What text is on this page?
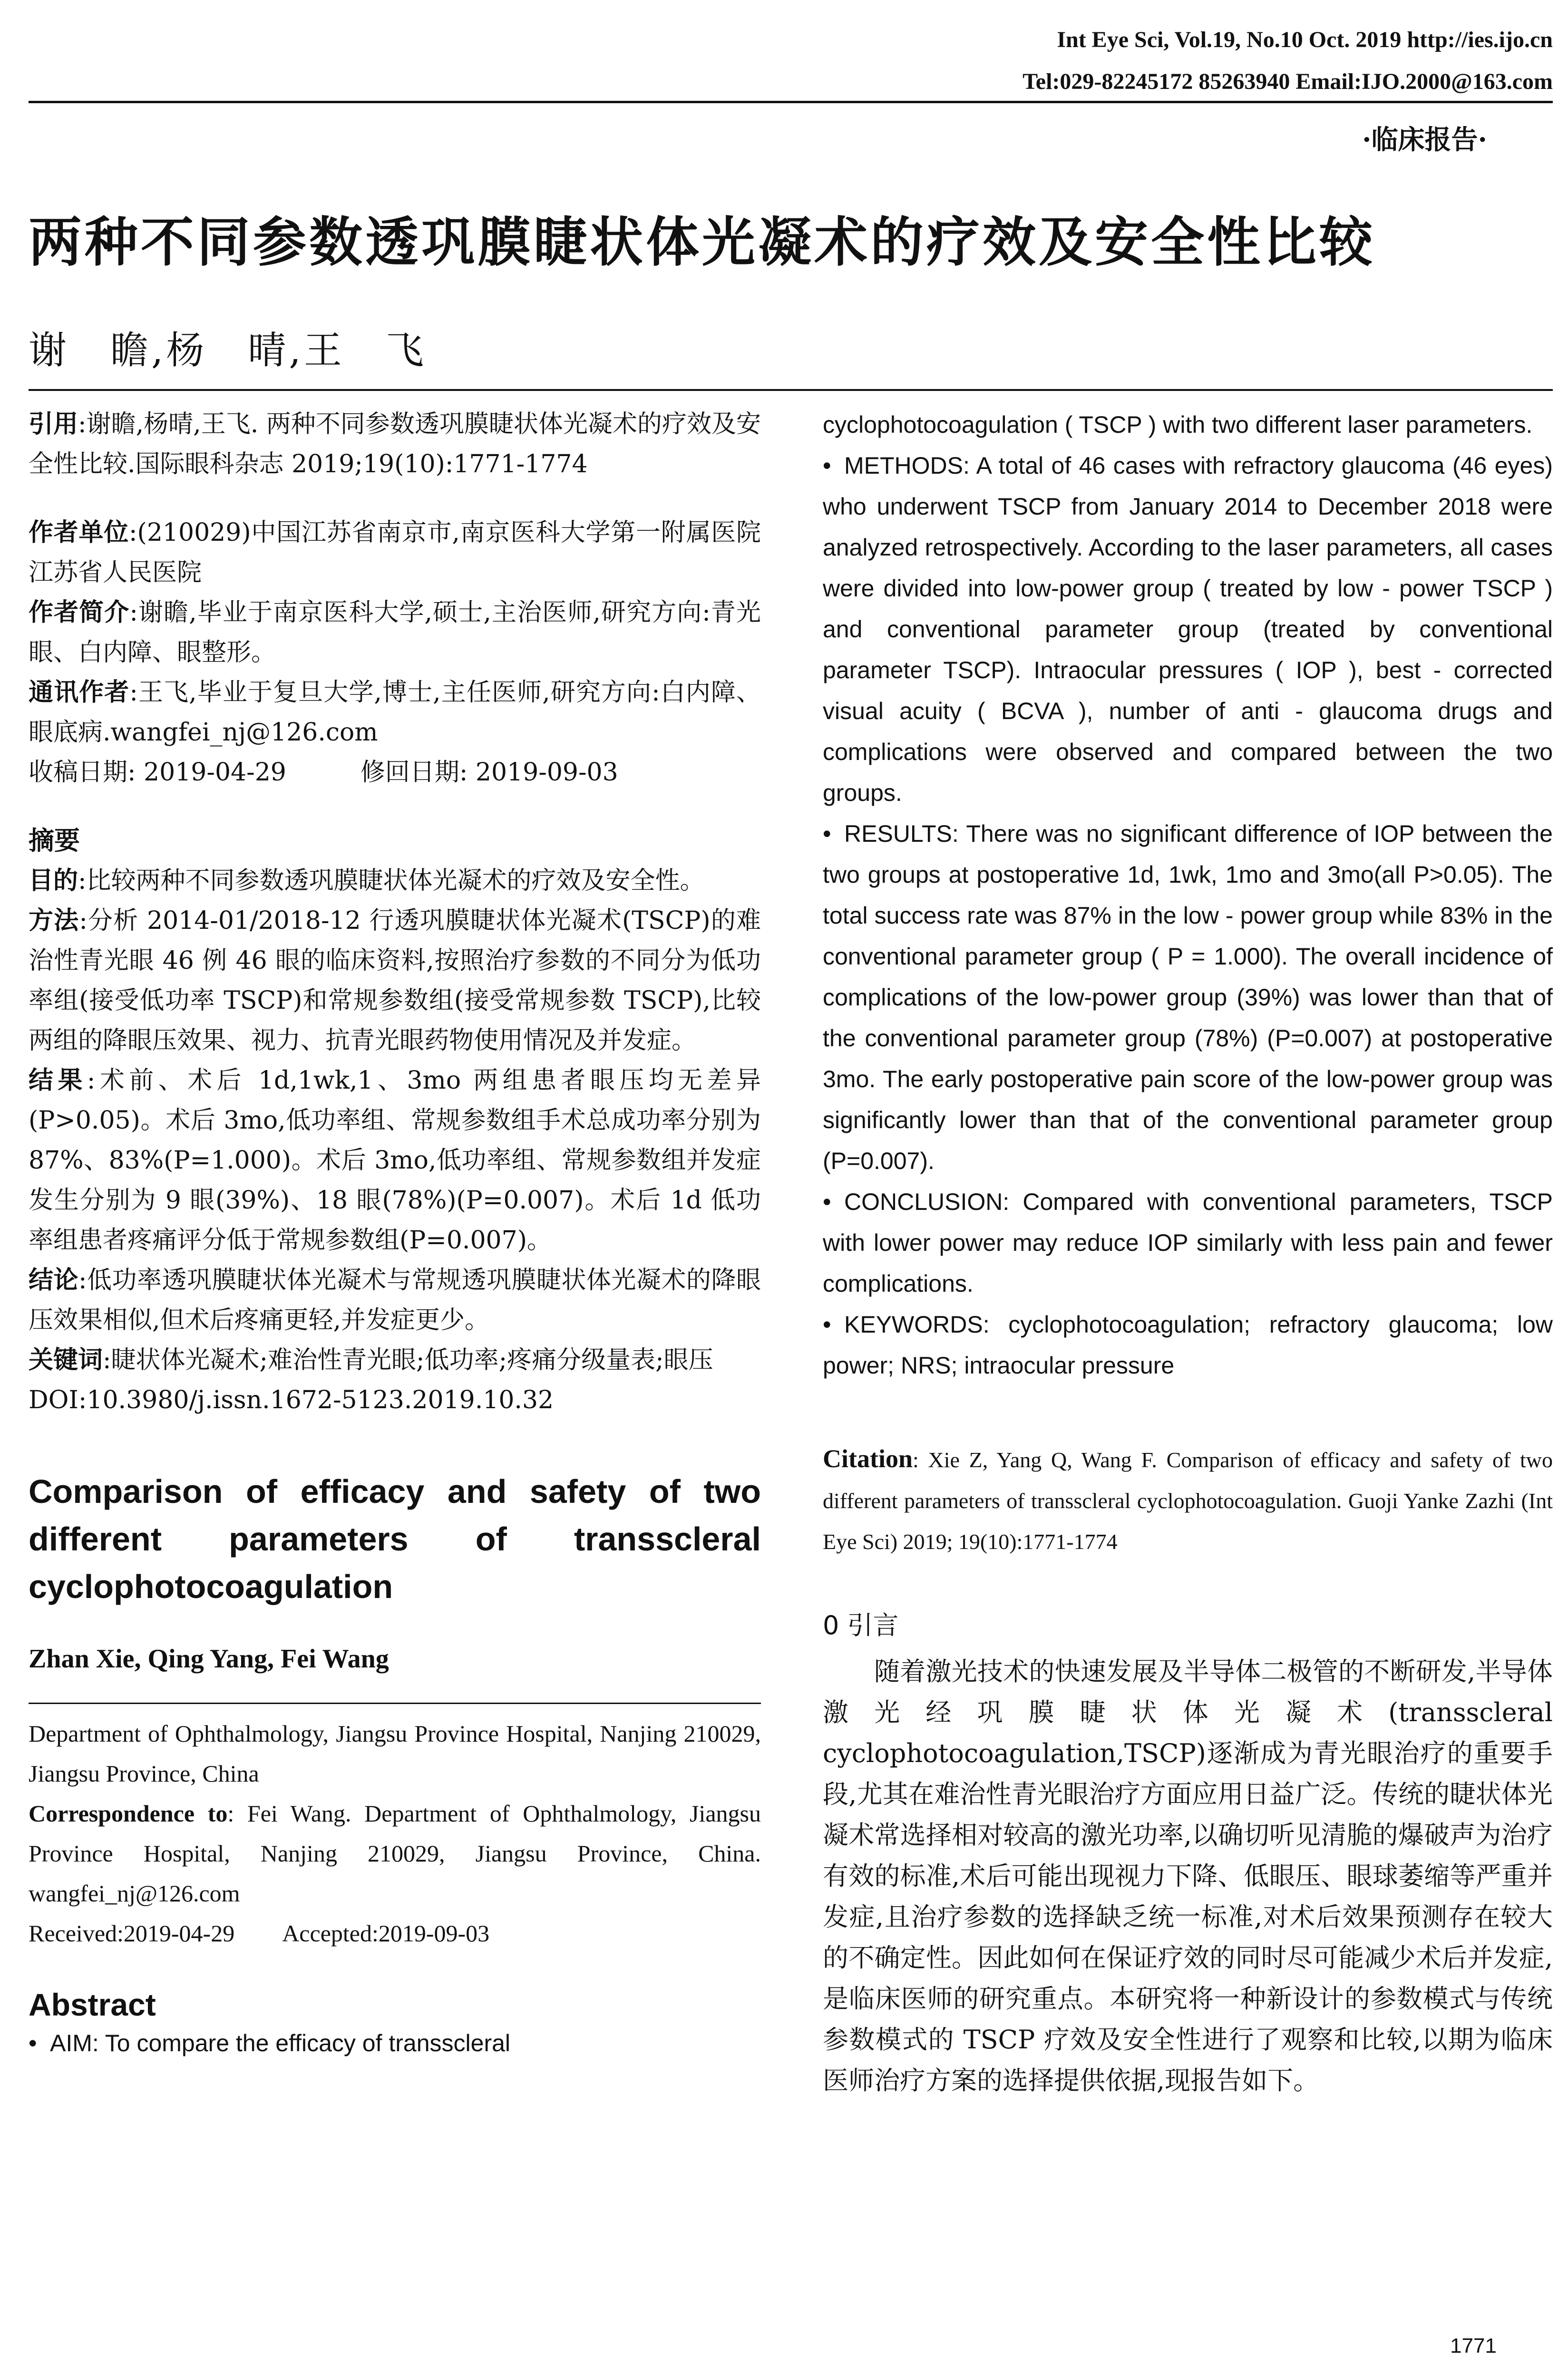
Int Eye Sci, Vol.19, No.10 Oct. 2019 http://ies.ijo.cn
Tel:029-82245172 85263940 Email:IJO.2000@163.com
·临床报告·
两种不同参数透巩膜睫状体光凝术的疗效及安全性比较
谢　瞻,杨　晴,王　飞

引用:谢瞻,杨晴,王飞. 两种不同参数透巩膜睫状体光凝术的疗效及安全性比较.国际眼科杂志 2019;19(10):1771-1774

作者单位:(210029)中国江苏省南京市,南京医科大学第一附属医院 江苏省人民医院

作者简介:谢瞻,毕业于南京医科大学,硕士,主治医师,研究方向:青光眼、白内障、眼整形。

通讯作者:王飞,毕业于复旦大学,博士,主任医师,研究方向:白内障、眼底病.wangfei_nj@126.com

收稿日期: 2019-04-29　　　修回日期: 2019-09-03

摘要

目的:比较两种不同参数透巩膜睫状体光凝术的疗效及安全性。

方法:分析 2014-01/2018-12 行透巩膜睫状体光凝术(TSCP)的难治性青光眼 46 例 46 眼的临床资料,按照治疗参数的不同分为低功率组(接受低功率 TSCP)和常规参数组(接受常规参数 TSCP),比较两组的降眼压效果、视力、抗青光眼药物使用情况及并发症。

结果:术前、术后 1d,1wk,1、3mo 两组患者眼压均无差异(P>0.05)。术后 3mo,低功率组、常规参数组手术总成功率分别为 87%、83%(P=1.000)。术后 3mo,低功率组、常规参数组并发症发生分别为 9 眼(39%)、18 眼(78%)(P=0.007)。术后 1d 低功率组患者疼痛评分低于常规参数组(P=0.007)。

结论:低功率透巩膜睫状体光凝术与常规透巩膜睫状体光凝术的降眼压效果相似,但术后疼痛更轻,并发症更少。

关键词:睫状体光凝术;难治性青光眼;低功率;疼痛分级量表;眼压

DOI:10.3980/j.issn.1672-5123.2019.10.32

Comparison of efficacy and safety of two different parameters of transscleral cyclophotocoagulation

Zhan Xie, Qing Yang, Fei Wang

Department of Ophthalmology, Jiangsu Province Hospital, Nanjing 210029, Jiangsu Province, China

Correspondence to: Fei Wang. Department of Ophthalmology, Jiangsu Province Hospital, Nanjing 210029, Jiangsu Province, China. wangfei_nj@126.com

Received:2019-04-29　　Accepted:2019-09-03

Abstract

• AIM: To compare the efficacy of transscleral

cyclophotocoagulation ( TSCP ) with two different laser parameters.

• METHODS: A total of 46 cases with refractory glaucoma (46 eyes) who underwent TSCP from January 2014 to December 2018 were analyzed retrospectively. According to the laser parameters, all cases were divided into low-power group ( treated by low - power TSCP ) and conventional parameter group (treated by conventional parameter TSCP). Intraocular pressures ( IOP ), best - corrected visual acuity ( BCVA ), number of anti - glaucoma drugs and complications were observed and compared between the two groups.

• RESULTS: There was no significant difference of IOP between the two groups at postoperative 1d, 1wk, 1mo and 3mo(all P>0.05). The total success rate was 87% in the low - power group while 83% in the conventional parameter group ( P = 1.000). The overall incidence of complications of the low-power group (39%) was lower than that of the conventional parameter group (78%) (P=0.007) at postoperative 3mo. The early postoperative pain score of the low-power group was significantly lower than that of the conventional parameter group (P=0.007).

• CONCLUSION: Compared with conventional parameters, TSCP with lower power may reduce IOP similarly with less pain and fewer complications.

• KEYWORDS: cyclophotocoagulation; refractory glaucoma; low power; NRS; intraocular pressure

Citation: Xie Z, Yang Q, Wang F. Comparison of efficacy and safety of two different parameters of transscleral cyclophotocoagulation. Guoji Yanke Zazhi (Int Eye Sci) 2019; 19(10):1771-1774

0 引言

随着激光技术的快速发展及半导体二极管的不断研发,半导体激光经巩膜睫状体光凝术(transscleral cyclophotocoagulation,TSCP)逐渐成为青光眼治疗的重要手段,尤其在难治性青光眼治疗方面应用日益广泛。传统的睫状体光凝术常选择相对较高的激光功率,以确切听见清脆的爆破声为治疗有效的标准,术后可能出现视力下降、低眼压、眼球萎缩等严重并发症,且治疗参数的选择缺乏统一标准,对术后效果预测存在较大的不确定性。因此如何在保证疗效的同时尽可能减少术后并发症,是临床医师的研究重点。本研究将一种新设计的参数模式与传统参数模式的 TSCP 疗效及安全性进行了观察和比较,以期为临床医师治疗方案的选择提供依据,现报告如下。

1771
